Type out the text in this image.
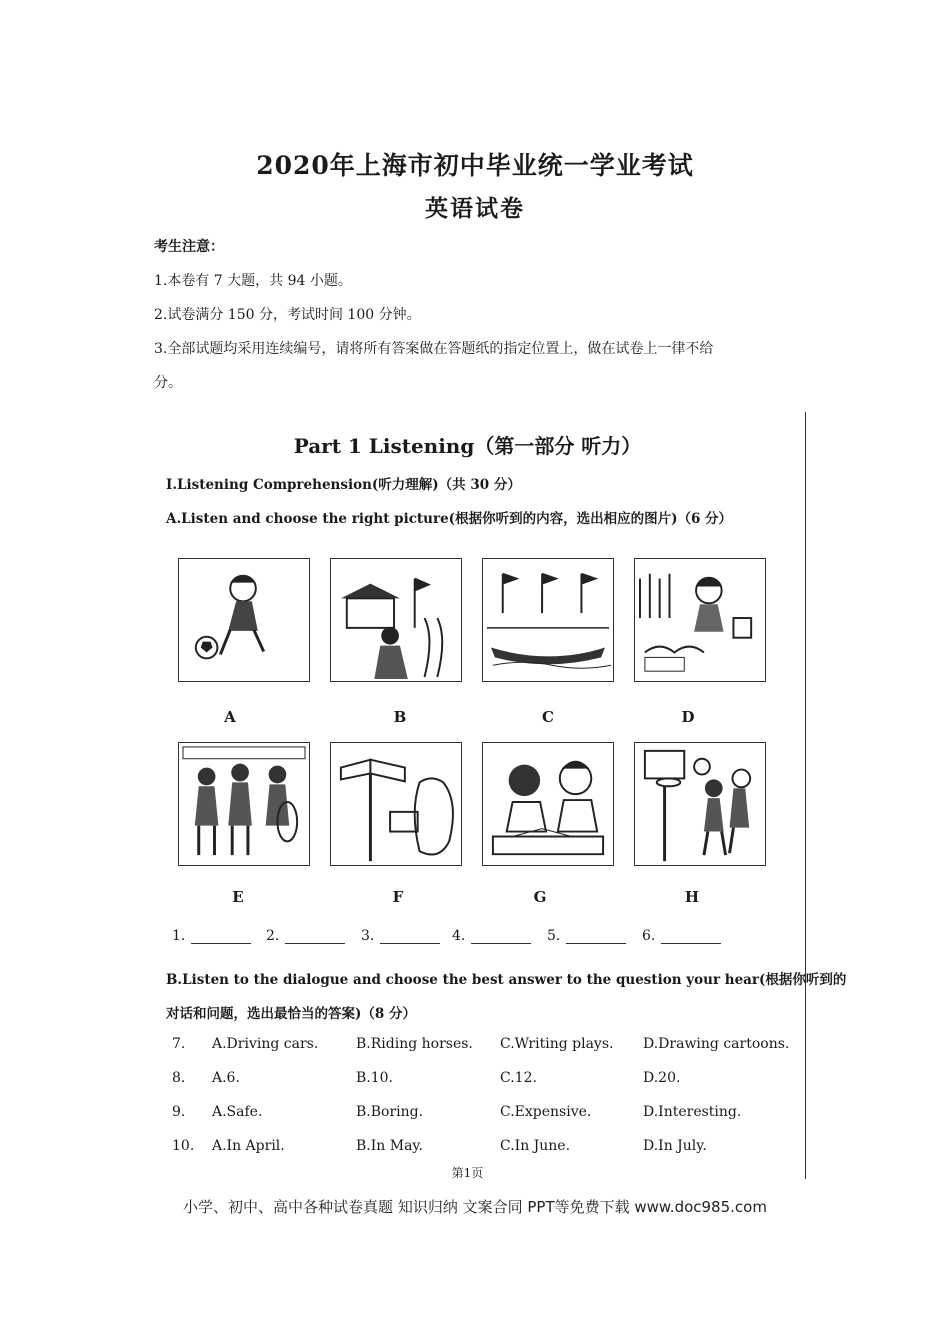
2020年上海市初中毕业统一学业考试
英语试卷
考生注意：
1.本卷有 7 大题，共 94 小题。
2.试卷满分 150 分，考试时间 100 分钟。
3.全部试题均采用连续编号，请将所有答案做在答题纸的指定位置上，做在试卷上一律不给
分。
Part 1 Listening（第一部分 听力）
I.Listening Comprehension(听力理解)（共 30 分）
A.Listen and choose the right picture(根据你听到的内容，选出相应的图片)（6 分）
A	B	C	D
E	F	G	H
1.	2.	3.	4.	5.	6.
B.Listen to the dialogue and choose the best answer to the question your hear(根据你听到的
对话和问题，选出最恰当的答案)（8 分）
7. A.Driving cars.	B.Riding horses. C.Writing plays. D.Drawing cartoons.
8. A.6.	B.10.	C.12.	D.20.
9. A.Safe.	B.Boring.	C.Expensive.	D.Interesting.
10. A.In April.	B.In May.	C.In June.	D.In July.
第1页
小学、初中、高中各种试卷真题 知识归纳 文案合同 PPT等免费下载 www.doc985.com
